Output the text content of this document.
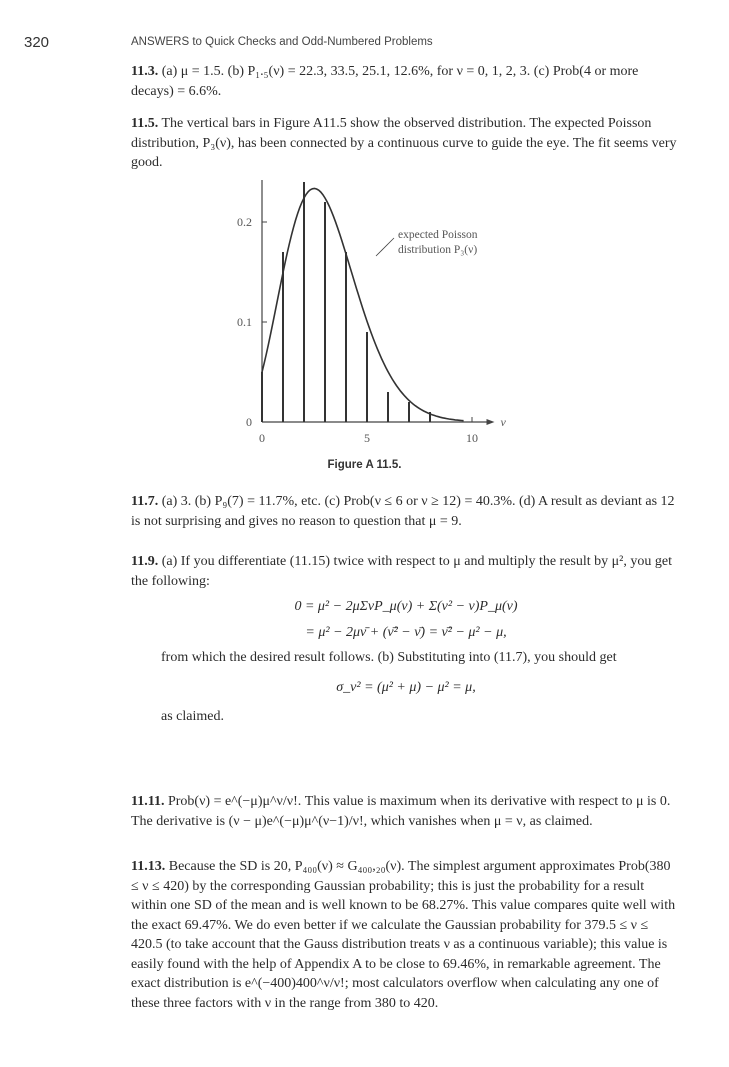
320	ANSWERS to Quick Checks and Odd-Numbered Problems

11.3. (a) μ = 1.5. (b) P₁.₅(ν) = 22.3, 33.5, 25.1, 12.6%, for ν = 0, 1, 2, 3. (c) Prob(4 or more decays) = 6.6%.

11.5. The vertical bars in Figure A11.5 show the observed distribution. The expected Poisson distribution, P₃(ν), has been connected by a continuous curve to guide the eye. The fit seems very good.

0
0.1
0.2
0	5	10
ν
expected Poisson
distribution P₃(ν)
Figure A 11.5.

11.7. (a) 3. (b) P₉(7) = 11.7%, etc. (c) Prob(ν ≤ 6 or ν ≥ 12) = 40.3%. (d) A result as deviant as 12 is not surprising and gives no reason to question that μ = 9.

11.9. (a) If you differentiate (11.15) twice with respect to μ and multiply the result by μ², you get the following:

0 = μ² − 2μΣνP_μ(ν) + Σ(ν² − ν)P_μ(ν)

= μ² − 2μν̄ + (ν̄² − ν̄) = ν̄² − μ² − μ,

from which the desired result follows. (b) Substituting into (11.7), you should get

σ_ν² = (μ² + μ) − μ² = μ,

as claimed.

11.11. Prob(ν) = e^(−μ)μ^ν/ν!. This value is maximum when its derivative with respect to μ is 0. The derivative is (ν − μ)e^(−μ)μ^(ν−1)/ν!, which vanishes when μ = ν, as claimed.

11.13. Because the SD is 20, P₄₀₀(ν) ≈ G₄₀₀,₂₀(ν). The simplest argument approximates Prob(380 ≤ ν ≤ 420) by the corresponding Gaussian probability; this is just the probability for a result within one SD of the mean and is well known to be 68.27%. This value compares quite well with the exact 69.47%. We do even better if we calculate the Gaussian probability for 379.5 ≤ ν ≤ 420.5 (to take account that the Gauss distribution treats ν as a continuous variable); this value is easily found with the help of Appendix A to be close to 69.46%, in remarkable agreement. The exact distribution is e^(−400)400^ν/ν!; most calculators overflow when calculating any one of these three factors with ν in the range from 380 to 420.
